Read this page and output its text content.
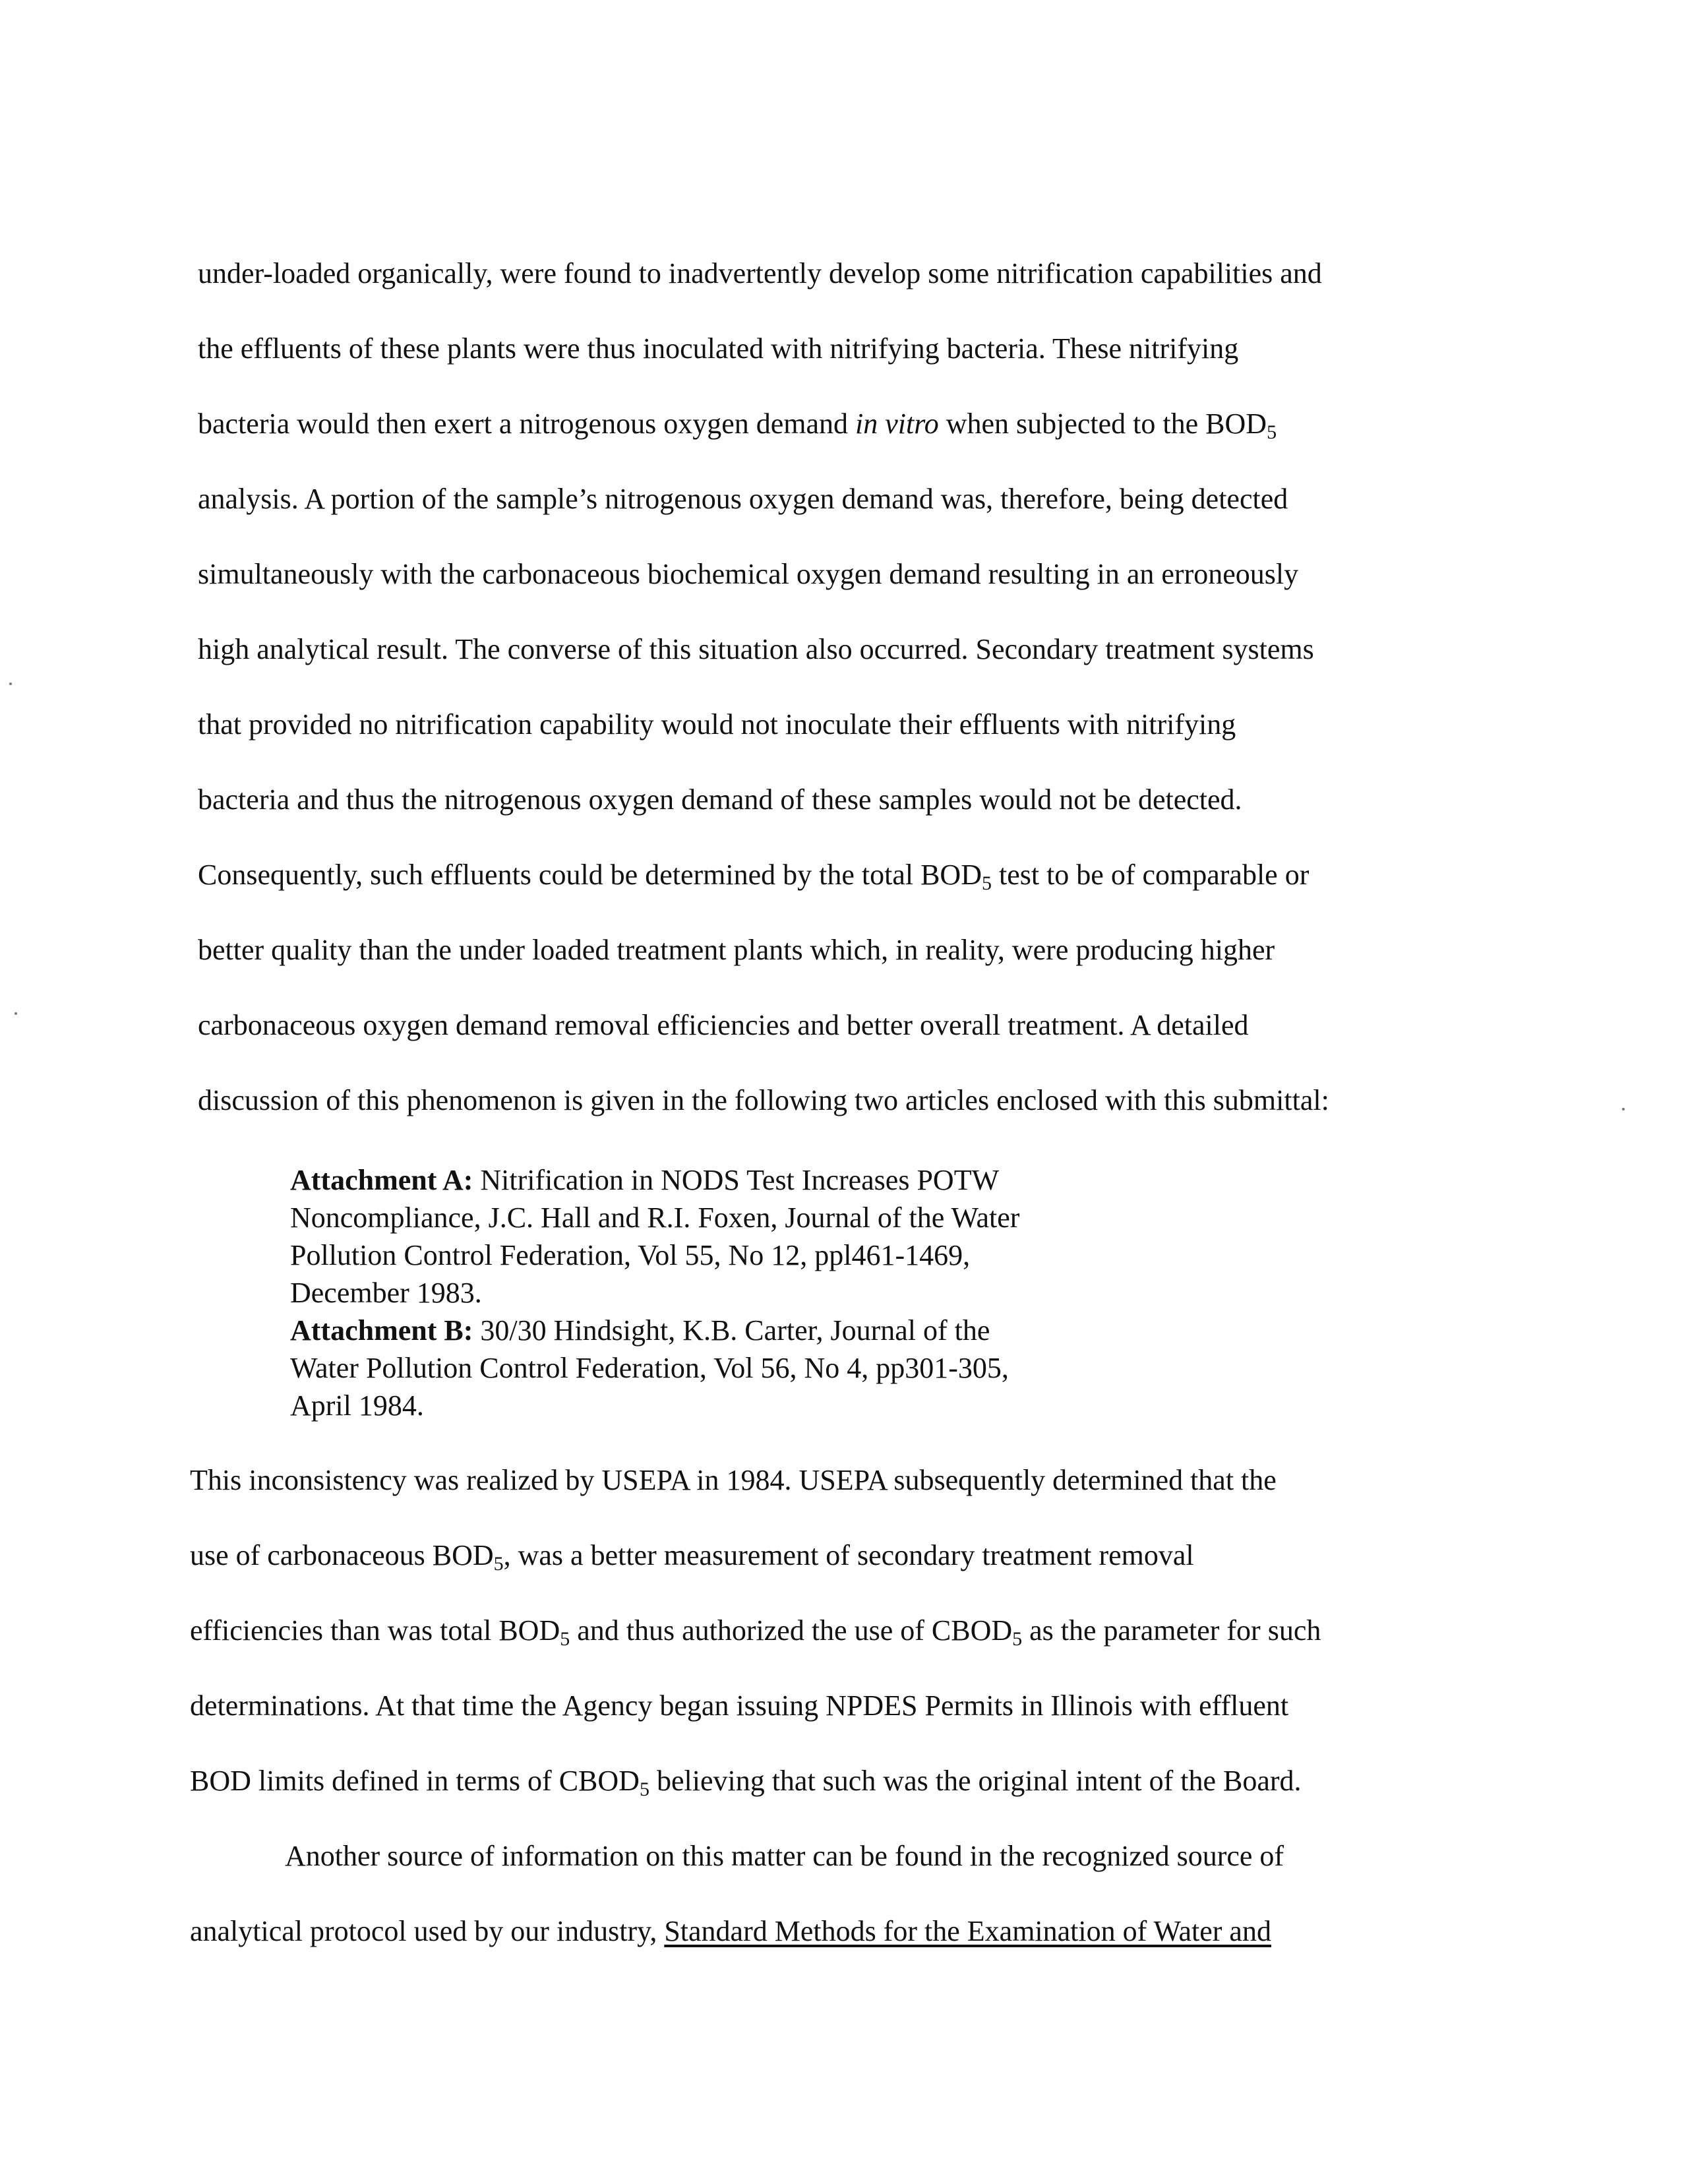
under-loaded organically, were found to inadvertently develop some nitrification capabilities and
the effluents of these plants were thus inoculated with nitrifying bacteria. These nitrifying
bacteria would then exert a nitrogenous oxygen demand in vitro when subjected to the $BOD_5$
analysis. A portion of the sample’s nitrogenous oxygen demand was, therefore, being detected
simultaneously with the carbonaceous biochemical oxygen demand resulting in an erroneously
high analytical result. The converse of this situation also occurred. Secondary treatment systems
that provided no nitrification capability would not inoculate their effluents with nitrifying
bacteria and thus the nitrogenous oxygen demand of these samples would not be detected.
Consequently, such effluents could be determined by the total $BOD_5$ test to be of comparable or
better quality than the under loaded treatment plants which, in reality, were producing higher
carbonaceous oxygen demand removal efficiencies and better overall treatment. A detailed
discussion of this phenomenon is given in the following two articles enclosed with this submittal:
Attachment A: Nitrification in NODS Test Increases POTW
Noncompliance, J.C. Hall and R.I. Foxen, Journal of the Water
Pollution Control Federation, Vol 55, No 12, ppl461-1469,
December 1983.
Attachment B: 30/30 Hindsight, K.B. Carter, Journal of the
Water Pollution Control Federation, Vol 56, No 4, pp301-305,
April 1984.
This inconsistency was realized by USEPA in 1984. USEPA subsequently determined that the
use of carbonaceous $BOD_5$, was a better measurement of secondary treatment removal
efficiencies than was total $BOD_5$ and thus authorized the use of $CBOD_5$ as the parameter for such
determinations. At that time the Agency began issuing NPDES Permits in Illinois with effluent
BOD limits defined in terms of $CBOD_5$ believing that such was the original intent of the Board.
Another source of information on this matter can be found in the recognized source of
analytical protocol used by our industry, Standard Methods for the Examination of Water and
